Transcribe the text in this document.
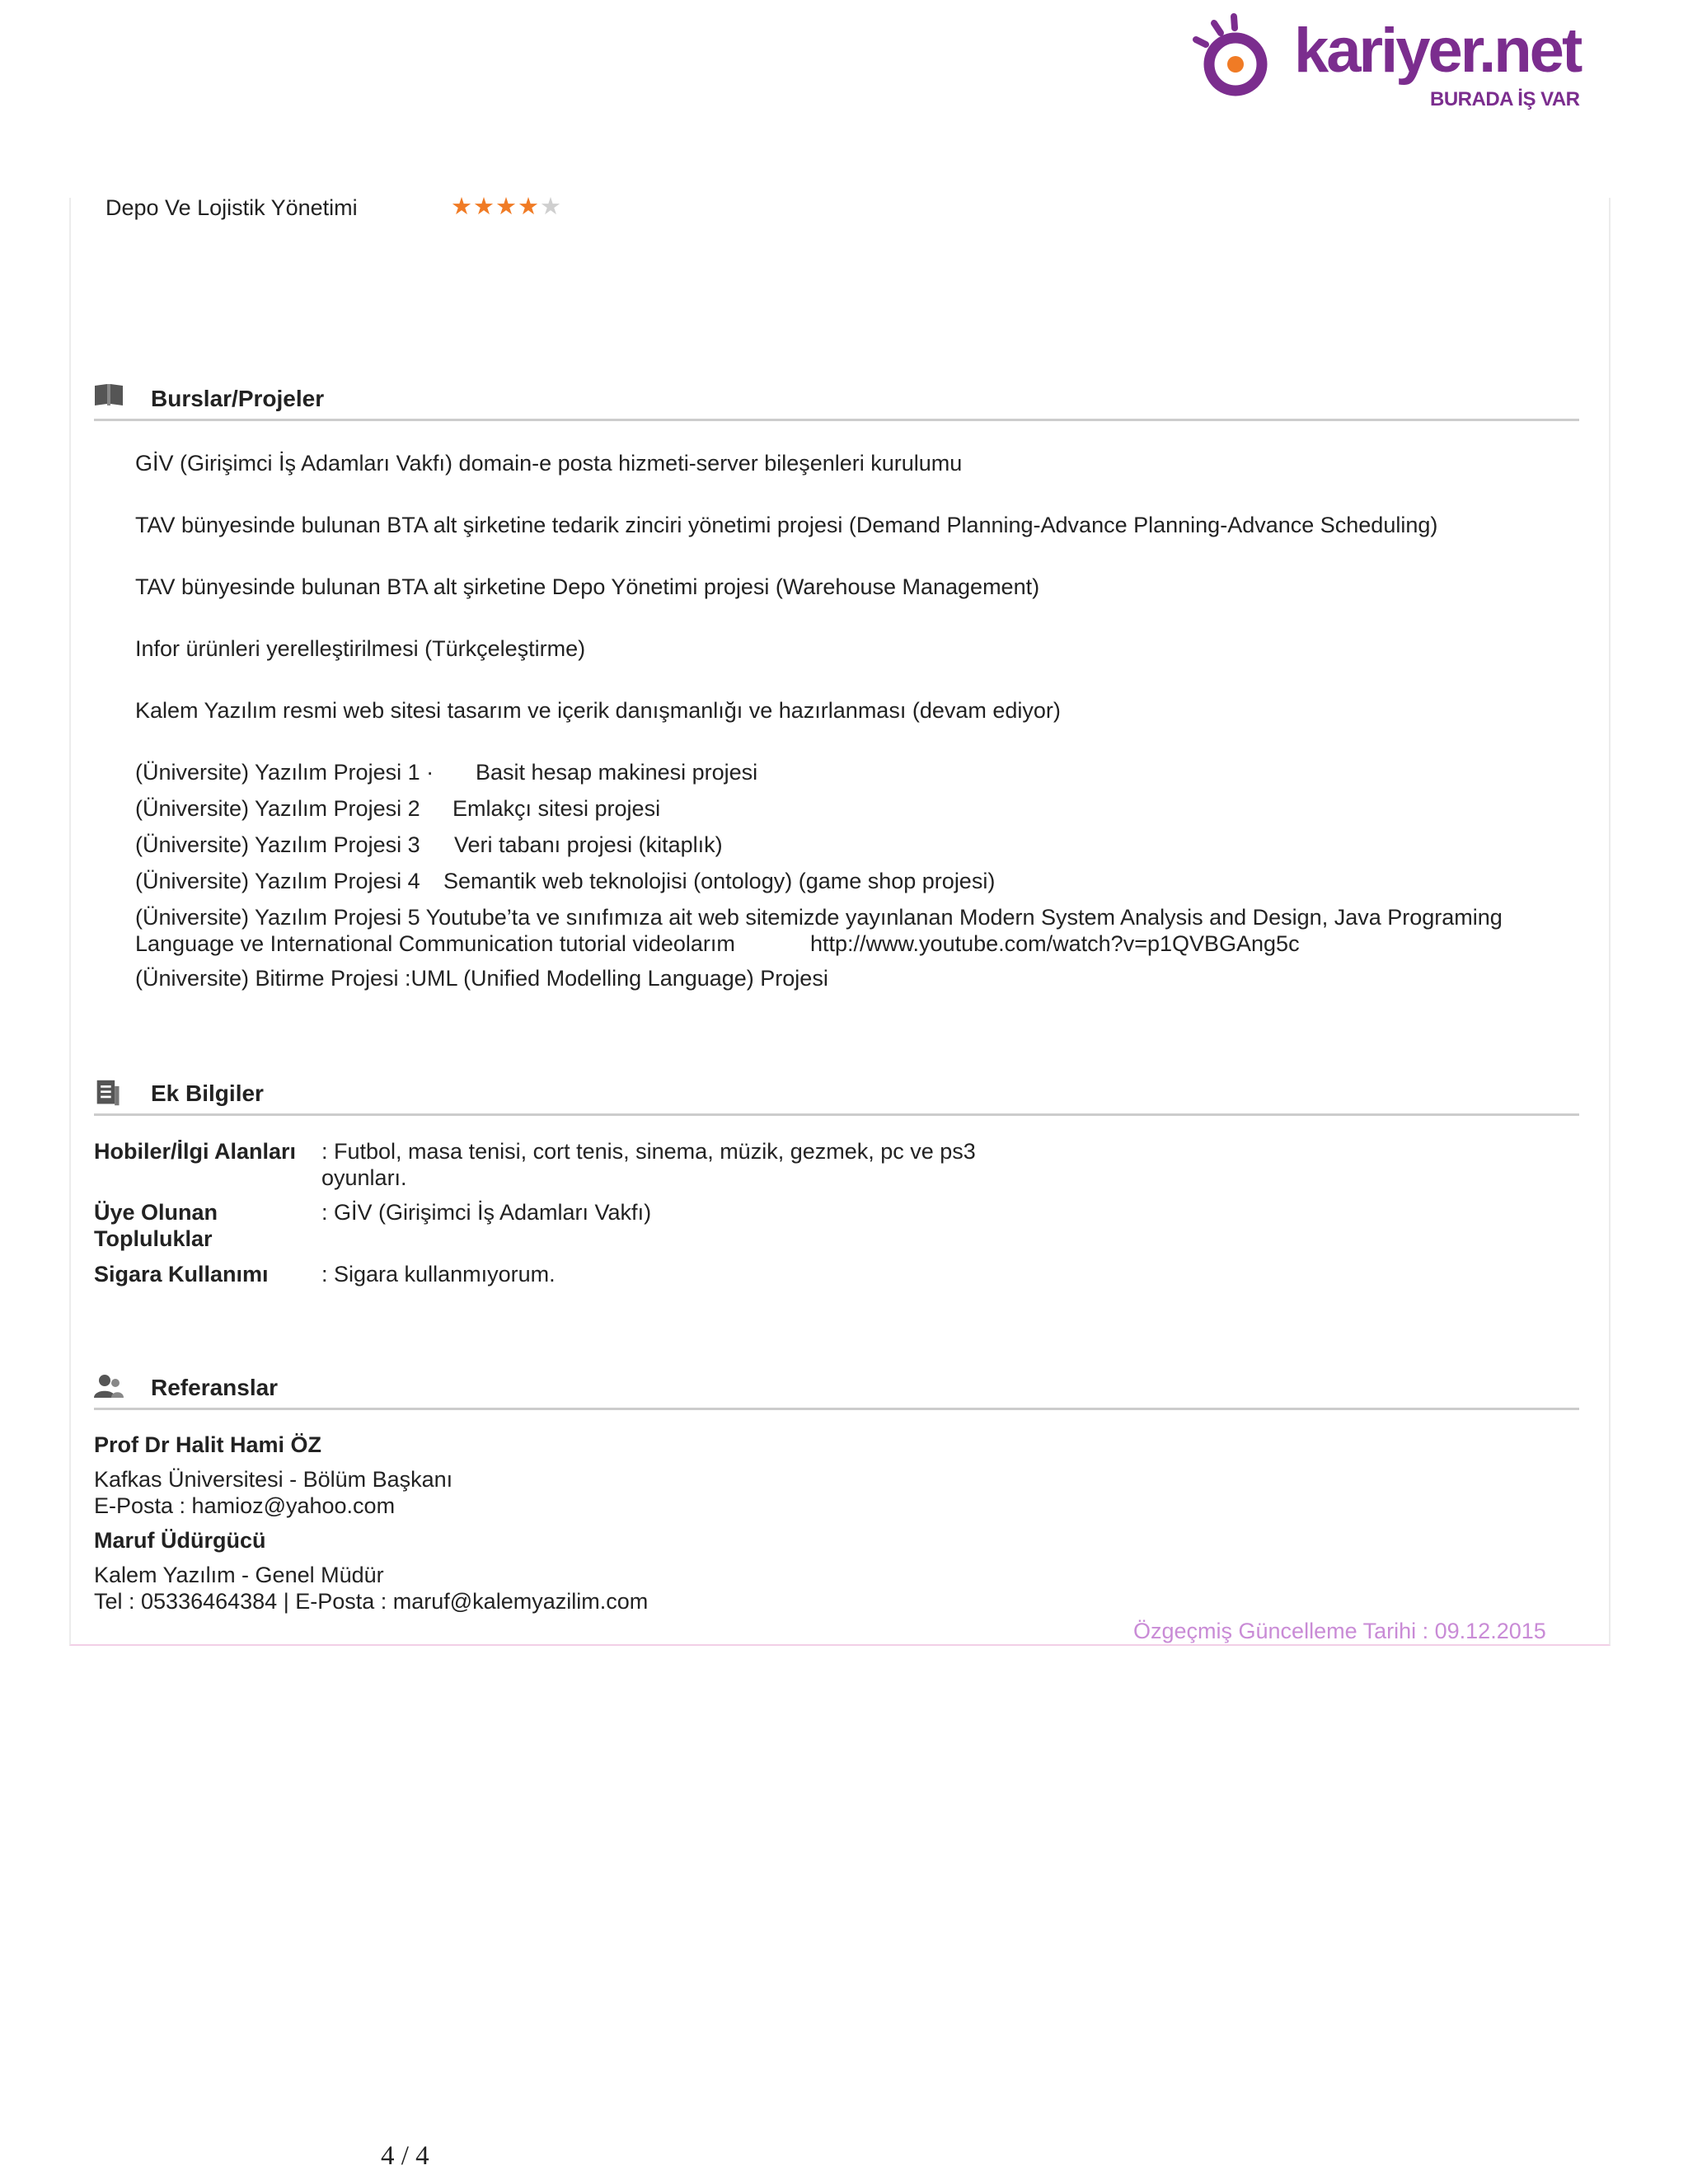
kariyer.net
BURADA İŞ VAR
Depo Ve Lojistik Yönetimi	★ ★ ★ ★ ★
Burslar/Projeler
GİV (Girişimci İş Adamları Vakfı) domain-e posta hizmeti-server bileşenleri kurulumu
TAV bünyesinde bulunan BTA alt şirketine tedarik zinciri yönetimi projesi (Demand Planning-Advance Planning-Advance Scheduling)
TAV bünyesinde bulunan BTA alt şirketine Depo Yönetimi projesi (Warehouse Management)
Infor ürünleri yerelleştirilmesi (Türkçeleştirme)
Kalem Yazılım resmi web sitesi tasarım ve içerik danışmanlığı ve hazırlanması (devam ediyor)
(Üniversite) Yazılım Projesi 1 · Basit hesap makinesi projesi
(Üniversite) Yazılım Projesi 2 Emlakçı sitesi projesi
(Üniversite) Yazılım Projesi 3 Veri tabanı projesi (kitaplık)
(Üniversite) Yazılım Projesi 4 Semantik web teknolojisi (ontology) (game shop projesi)
(Üniversite) Yazılım Projesi 5 Youtube’ta ve sınıfımıza ait web sitemizde yayınlanan Modern System Analysis and Design, Java Programing
Language ve International Communication tutorial videolarım	http://www.youtube.com/watch?v=p1QVBGAng5c
(Üniversite) Bitirme Projesi :UML (Unified Modelling Language) Projesi
Ek Bilgiler
Hobiler/İlgi Alanları : Futbol, masa tenisi, cort tenis, sinema, müzik, gezmek, pc ve ps3 oyunları.
Üye Olunan Topluluklar
: GİV (Girişimci İş Adamları Vakfı)
Sigara Kullanımı : Sigara kullanmıyorum.
Referanslar
Prof Dr Halit Hami ÖZ
Kafkas Üniversitesi - Bölüm Başkanı
E-Posta : hamioz@yahoo.com
Maruf Üdürgücü
Kalem Yazılım - Genel Müdür
Tel : 05336464384 | E-Posta : maruf@kalemyazilim.com
Özgeçmiş Güncelleme Tarihi : 09.12.2015
4 / 4
